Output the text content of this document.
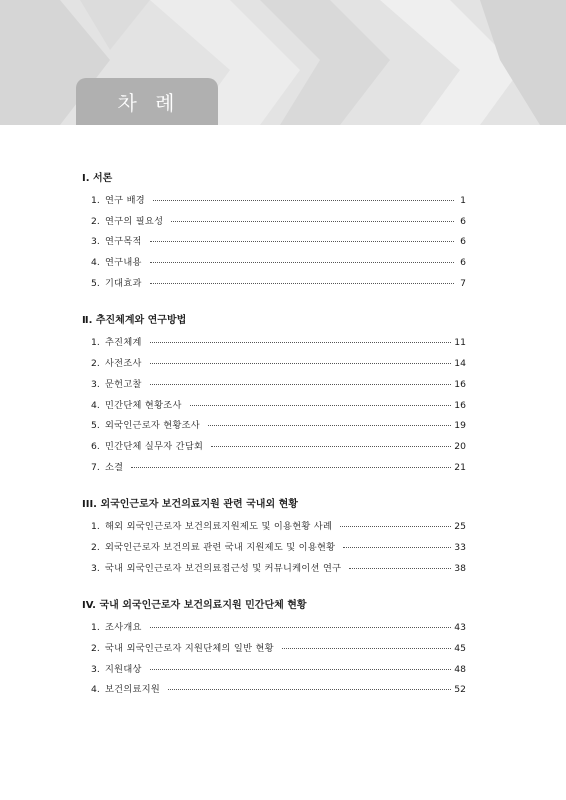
차 례
Ⅰ. 서론
1. 연구 배경	1
2. 연구의 필요성	6
3. 연구목적	6
4. 연구내용	6
5. 기대효과	7
Ⅱ. 추진체계와 연구방법
1. 추진체계	11
2. 사전조사	14
3. 문헌고찰	16
4. 민간단체 현황조사	16
5. 외국인근로자 현황조사	19
6. 민간단체 실무자 간담회	20
7. 소결	21
III. 외국인근로자 보건의료지원 관련 국내외 현황
1. 해외 외국인근로자 보건의료지원제도 및 이용현황 사례	25
2. 외국인근로자 보건의료 관련 국내 지원제도 및 이용현황	33
3. 국내 외국인근로자 보건의료접근성 및 커뮤니케이션 연구	38
IV. 국내 외국인근로자 보건의료지원 민간단체 현황
1. 조사개요	43
2. 국내 외국인근로자 지원단체의 일반 현황	45
3. 지원대상	48
4. 보건의료지원	52
